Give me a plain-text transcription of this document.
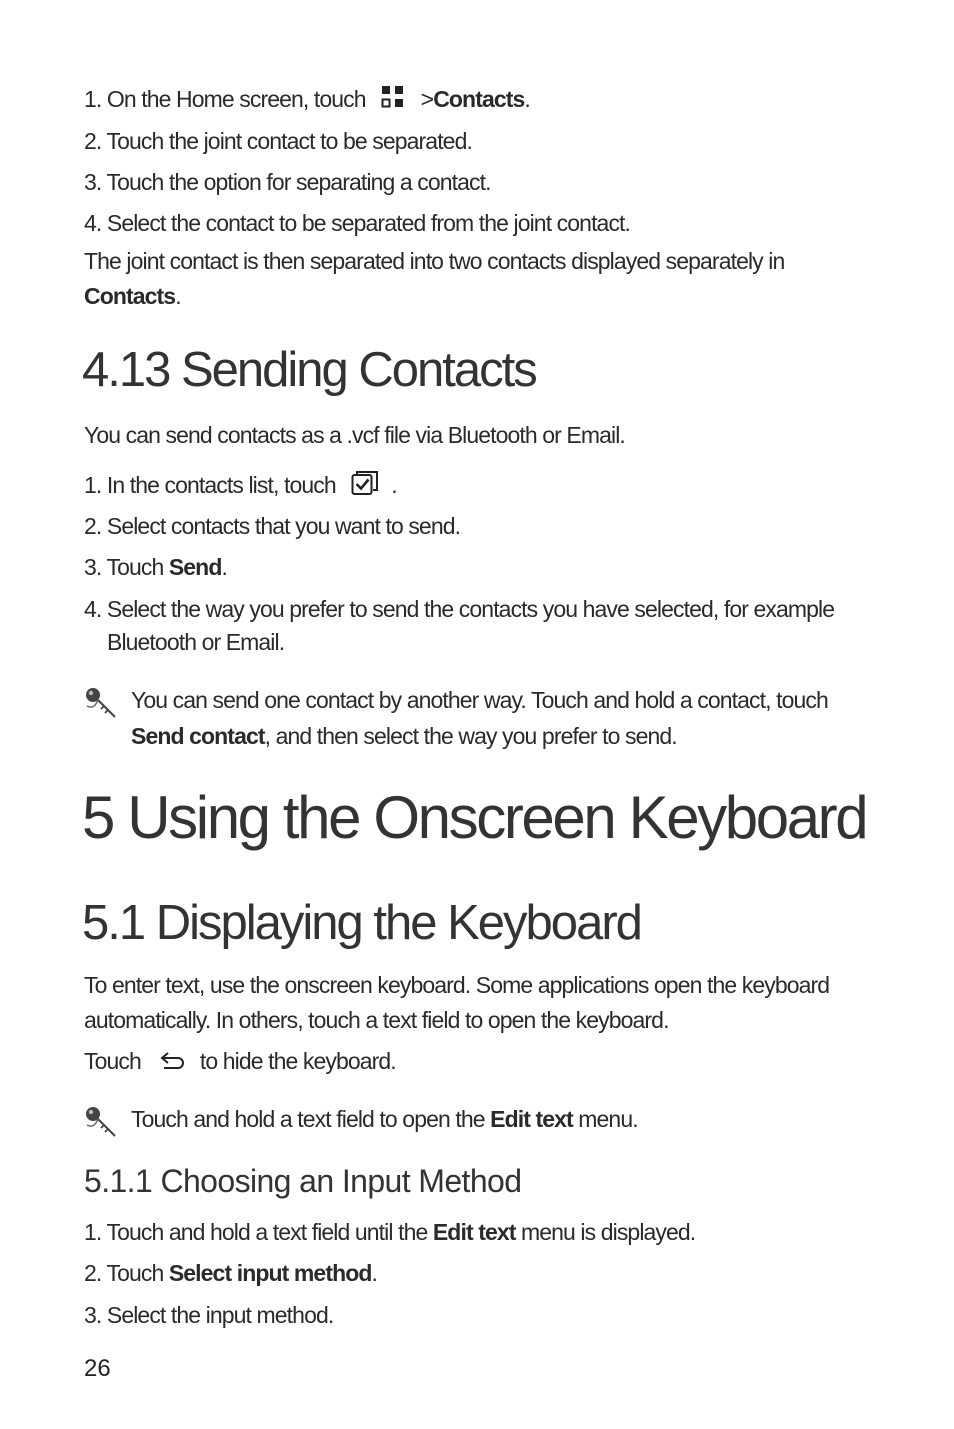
1. On the Home screen, touch >Contacts.
2. Touch the joint contact to be separated.
3. Touch the option for separating a contact.
4. Select the contact to be separated from the joint contact.
The joint contact is then separated into two contacts displayed separately in
Contacts.
4.13 Sending Contacts
You can send contacts as a .vcf file via Bluetooth or Email.
1. In the contacts list, touch .
2. Select contacts that you want to send.
3. Touch Send.
4. Select the way you prefer to send the contacts you have selected, for example
Bluetooth or Email.
You can send one contact by another way. Touch and hold a contact, touch
Send contact, and then select the way you prefer to send.
5 Using the Onscreen Keyboard
5.1 Displaying the Keyboard
To enter text, use the onscreen keyboard. Some applications open the keyboard
automatically. In others, touch a text field to open the keyboard.
Touch	to hide the keyboard.
Touch and hold a text field to open the Edit text menu.
5.1.1 Choosing an Input Method
1. Touch and hold a text field until the Edit text menu is displayed.
2. Touch Select input method.
3. Select the input method.
26
